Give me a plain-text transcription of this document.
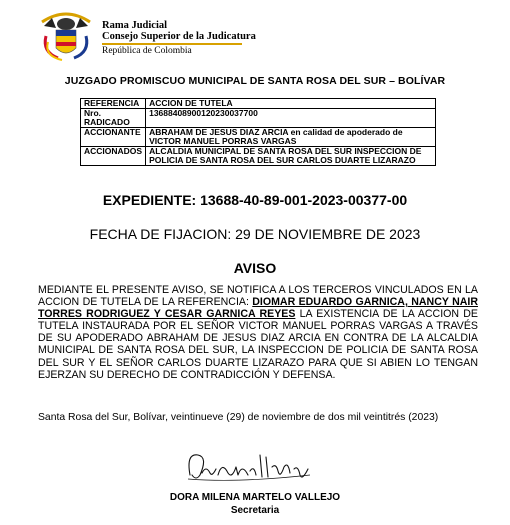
Rama Judicial
Consejo Superior de la Judicatura
República de Colombia
JUZGADO PROMISCUO MUNICIPAL DE SANTA ROSA DEL SUR – BOLÍVAR
REFERENCIA	ACCION DE TUTELA
Nro. RADICADO	13688408900120230037700
ACCIONANTE	ABRAHAM DE JESUS DIAZ ARCIA en calidad de apoderado de VICTOR MANUEL PORRAS VARGAS
ACCIONADOS	ALCALDIA MUNICIPAL DE SANTA ROSA DEL SUR INSPECCION DE POLICIA DE SANTA ROSA DEL SUR CARLOS DUARTE LIZARAZO
EXPEDIENTE: 13688-40-89-001-2023-00377-00
FECHA DE FIJACION: 29 DE NOVIEMBRE DE 2023
AVISO
MEDIANTE EL PRESENTE AVISO, SE NOTIFICA A LOS TERCEROS VINCULADOS EN LA ACCION DE TUTELA DE LA REFERENCIA: DIOMAR EDUARDO GARNICA, NANCY NAIR TORRES RODRIGUEZ Y CESAR GARNICA REYES LA EXISTENCIA DE LA ACCION DE TUTELA INSTAURADA POR EL SEÑOR VICTOR MANUEL PORRAS VARGAS A TRAVÉS DE SU APODERADO ABRAHAM DE JESUS DIAZ ARCIA EN CONTRA DE LA ALCALDIA MUNICIPAL DE SANTA ROSA DEL SUR, LA INSPECCION DE POLICIA DE SANTA ROSA DEL SUR Y EL SEÑOR CARLOS DUARTE LIZARAZO PARA QUE SI ABIEN LO TENGAN EJERZAN SU DERECHO DE CONTRADICCIÓN Y DEFENSA.
Santa Rosa del Sur, Bolívar, veintinueve (29) de noviembre de dos mil veintitrés (2023)
DORA MILENA MARTELO VALLEJO
Secretaria
